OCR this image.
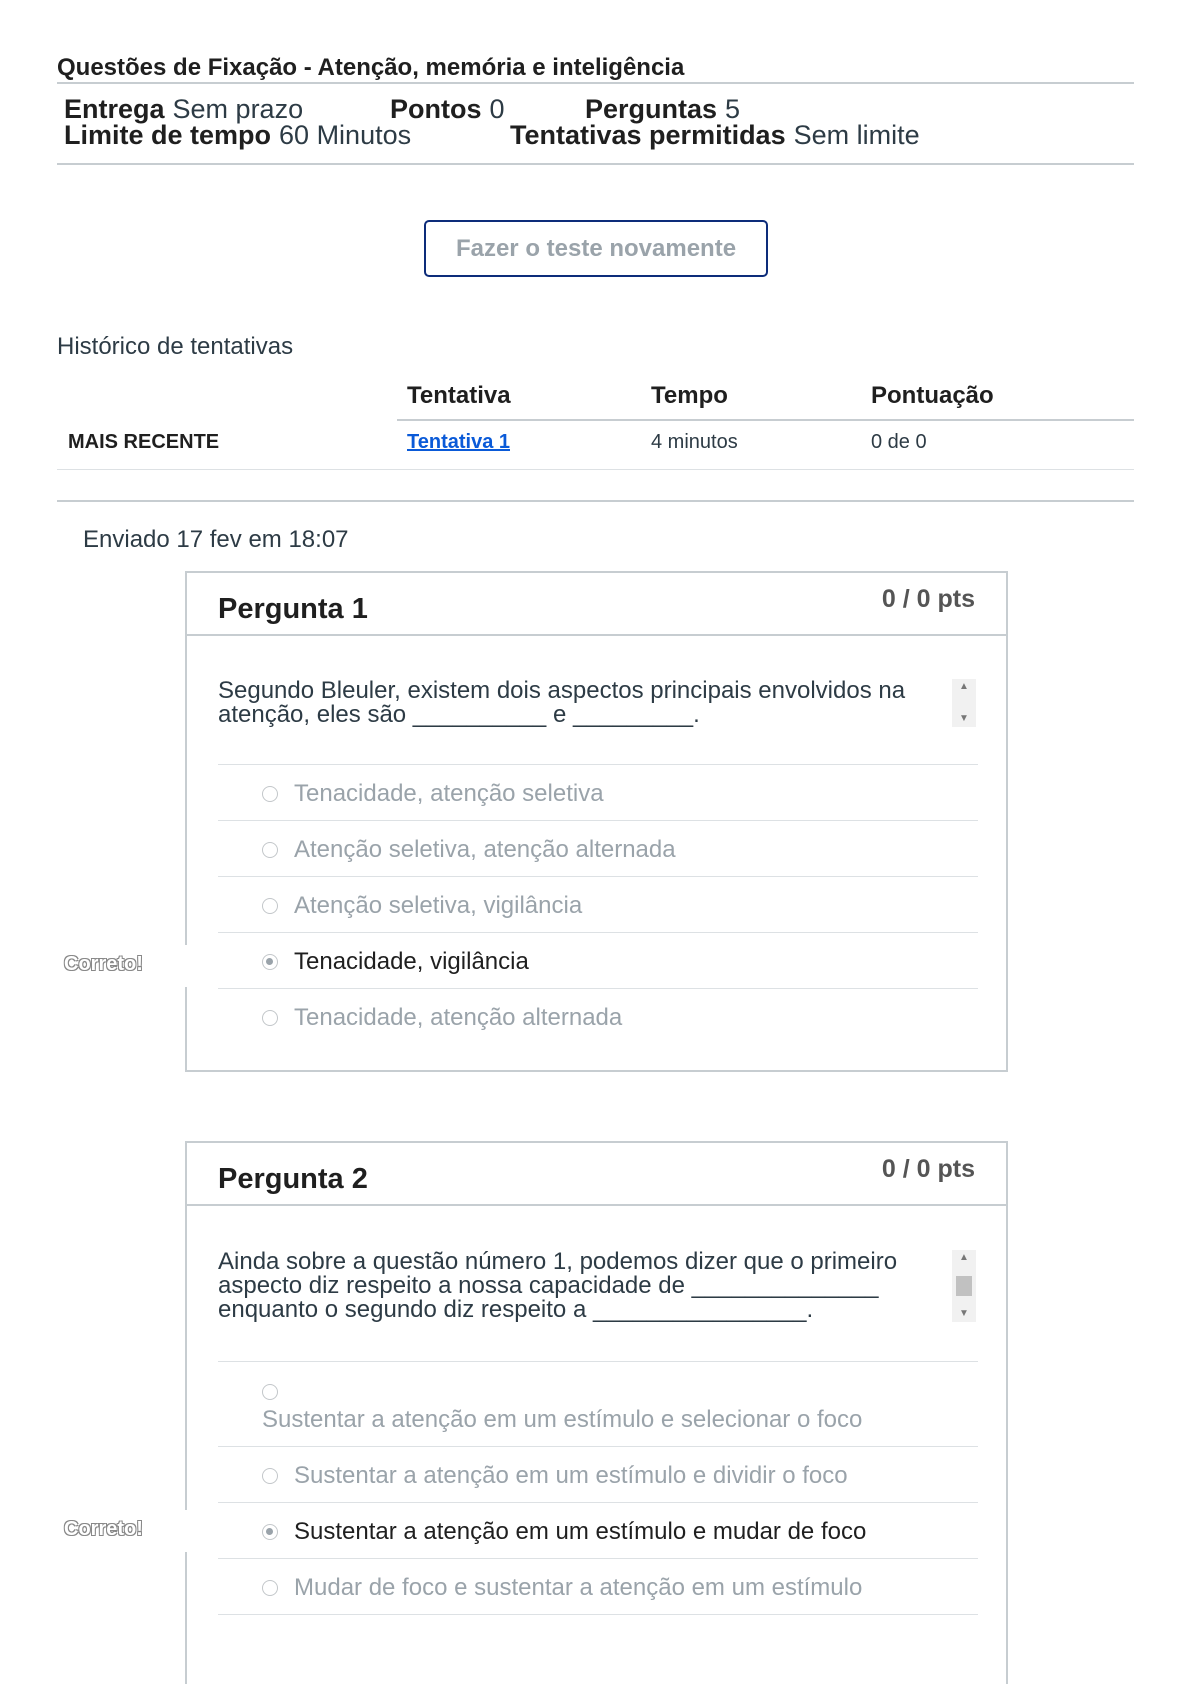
Questões de Fixação - Atenção, memória e inteligência
Entrega Sem prazo	Pontos 0	Perguntas 5
Limite de tempo 60 Minutos	Tentativas permitidas Sem limite
Fazer o teste novamente
Histórico de tentativas
Tentativa	Tempo	Pontuação
MAIS RECENTE	Tentativa 1	4 minutos	0 de 0
Enviado 17 fev em 18:07
Pergunta 1	0 / 0 pts
Segundo Bleuler, existem dois aspectos principais envolvidos na
atenção, eles são __________ e _________.
▲
▼
Tenacidade, atenção seletiva
Atenção seletiva, atenção alternada
Atenção seletiva, vigilância
Tenacidade, vigilância
Tenacidade, atenção alternada
Correto!
Pergunta 2	0 / 0 pts
Ainda sobre a questão número 1, podemos dizer que o primeiro
aspecto diz respeito a nossa capacidade de ______________
enquanto o segundo diz respeito a ________________.
▲
▼
Sustentar a atenção em um estímulo e selecionar o foco
Sustentar a atenção em um estímulo e dividir o foco
Sustentar a atenção em um estímulo e mudar de foco
Mudar de foco e sustentar a atenção em um estímulo
Correto!
